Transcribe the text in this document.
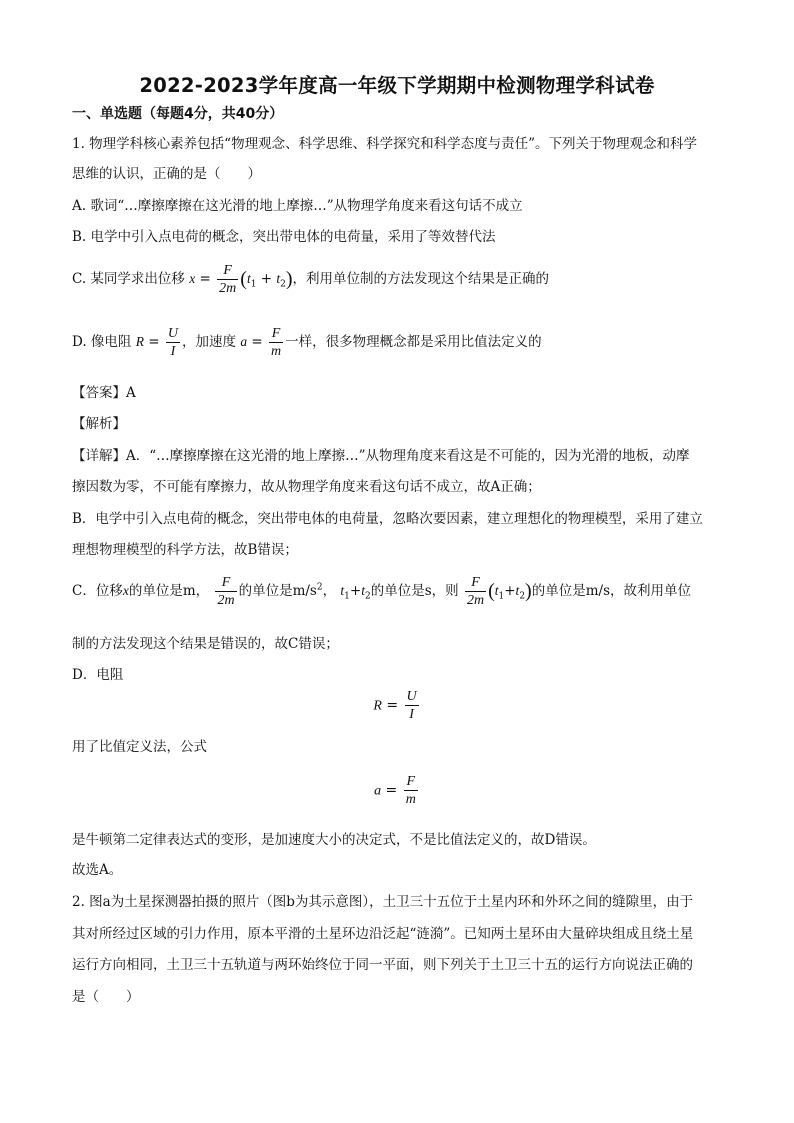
2022-2023学年度高一年级下学期期中检测物理学科试卷
一、单选题（每题4分，共40分）
1. 物理学科核心素养包括“物理观念、科学思维、科学探究和科学态度与责任”。下列关于物理观念和科学
思维的认识，正确的是（　　）
A. 歌词“…摩擦摩擦在这光滑的地上摩擦…”从物理学角度来看这句话不成立
B. 电学中引入点电荷的概念，突出带电体的电荷量，采用了等效替代法
C. 某同学求出位移 $x = \frac{F}{2m} (t_1 + t_2)$，利用单位制的方法发现这个结果是正确的
D. 像电阻 $R = \frac{U}{I}$ ，加速度 $a = \frac{F}{m}$ 一样，很多物理概念都是采用比值法定义的
【答案】A
【解析】
【详解】A．“…摩擦摩擦在这光滑的地上摩擦…”从物理角度来看这是不可能的，因为光滑的地板，动摩
擦因数为零，不可能有摩擦力，故从物理学角度来看这句话不成立，故A正确；
B．电学中引入点电荷的概念，突出带电体的电荷量，忽略次要因素，建立理想化的物理模型，采用了建立
理想物理模型的科学方法，故B错误；
C．位移x的单位是m， $\frac{F}{2m}$ 的单位是$m/s^2$， $t_1+t_2$的单位是s，则 $\frac{F}{2m} (t_1+t_2)$的单位是m/s，故利用单位
制的方法发现这个结果是错误的，故C错误；
D．电阻
$R = \frac{U}{I}$
用了比值定义法，公式
$a = \frac{F}{m}$
是牛顿第二定律表达式的变形，是加速度大小的决定式，不是比值法定义的，故D错误。
故选A。
2. 图a为土星探测器拍摄的照片（图b为其示意图），土卫三十五位于土星内环和外环之间的缝隙里，由于
其对所经过区域的引力作用，原本平滑的土星环边沿泛起“涟漪”。已知两土星环由大量碎块组成且绕土星
运行方向相同，土卫三十五轨道与两环始终位于同一平面，则下列关于土卫三十五的运行方向说法正确的
是（　　）
